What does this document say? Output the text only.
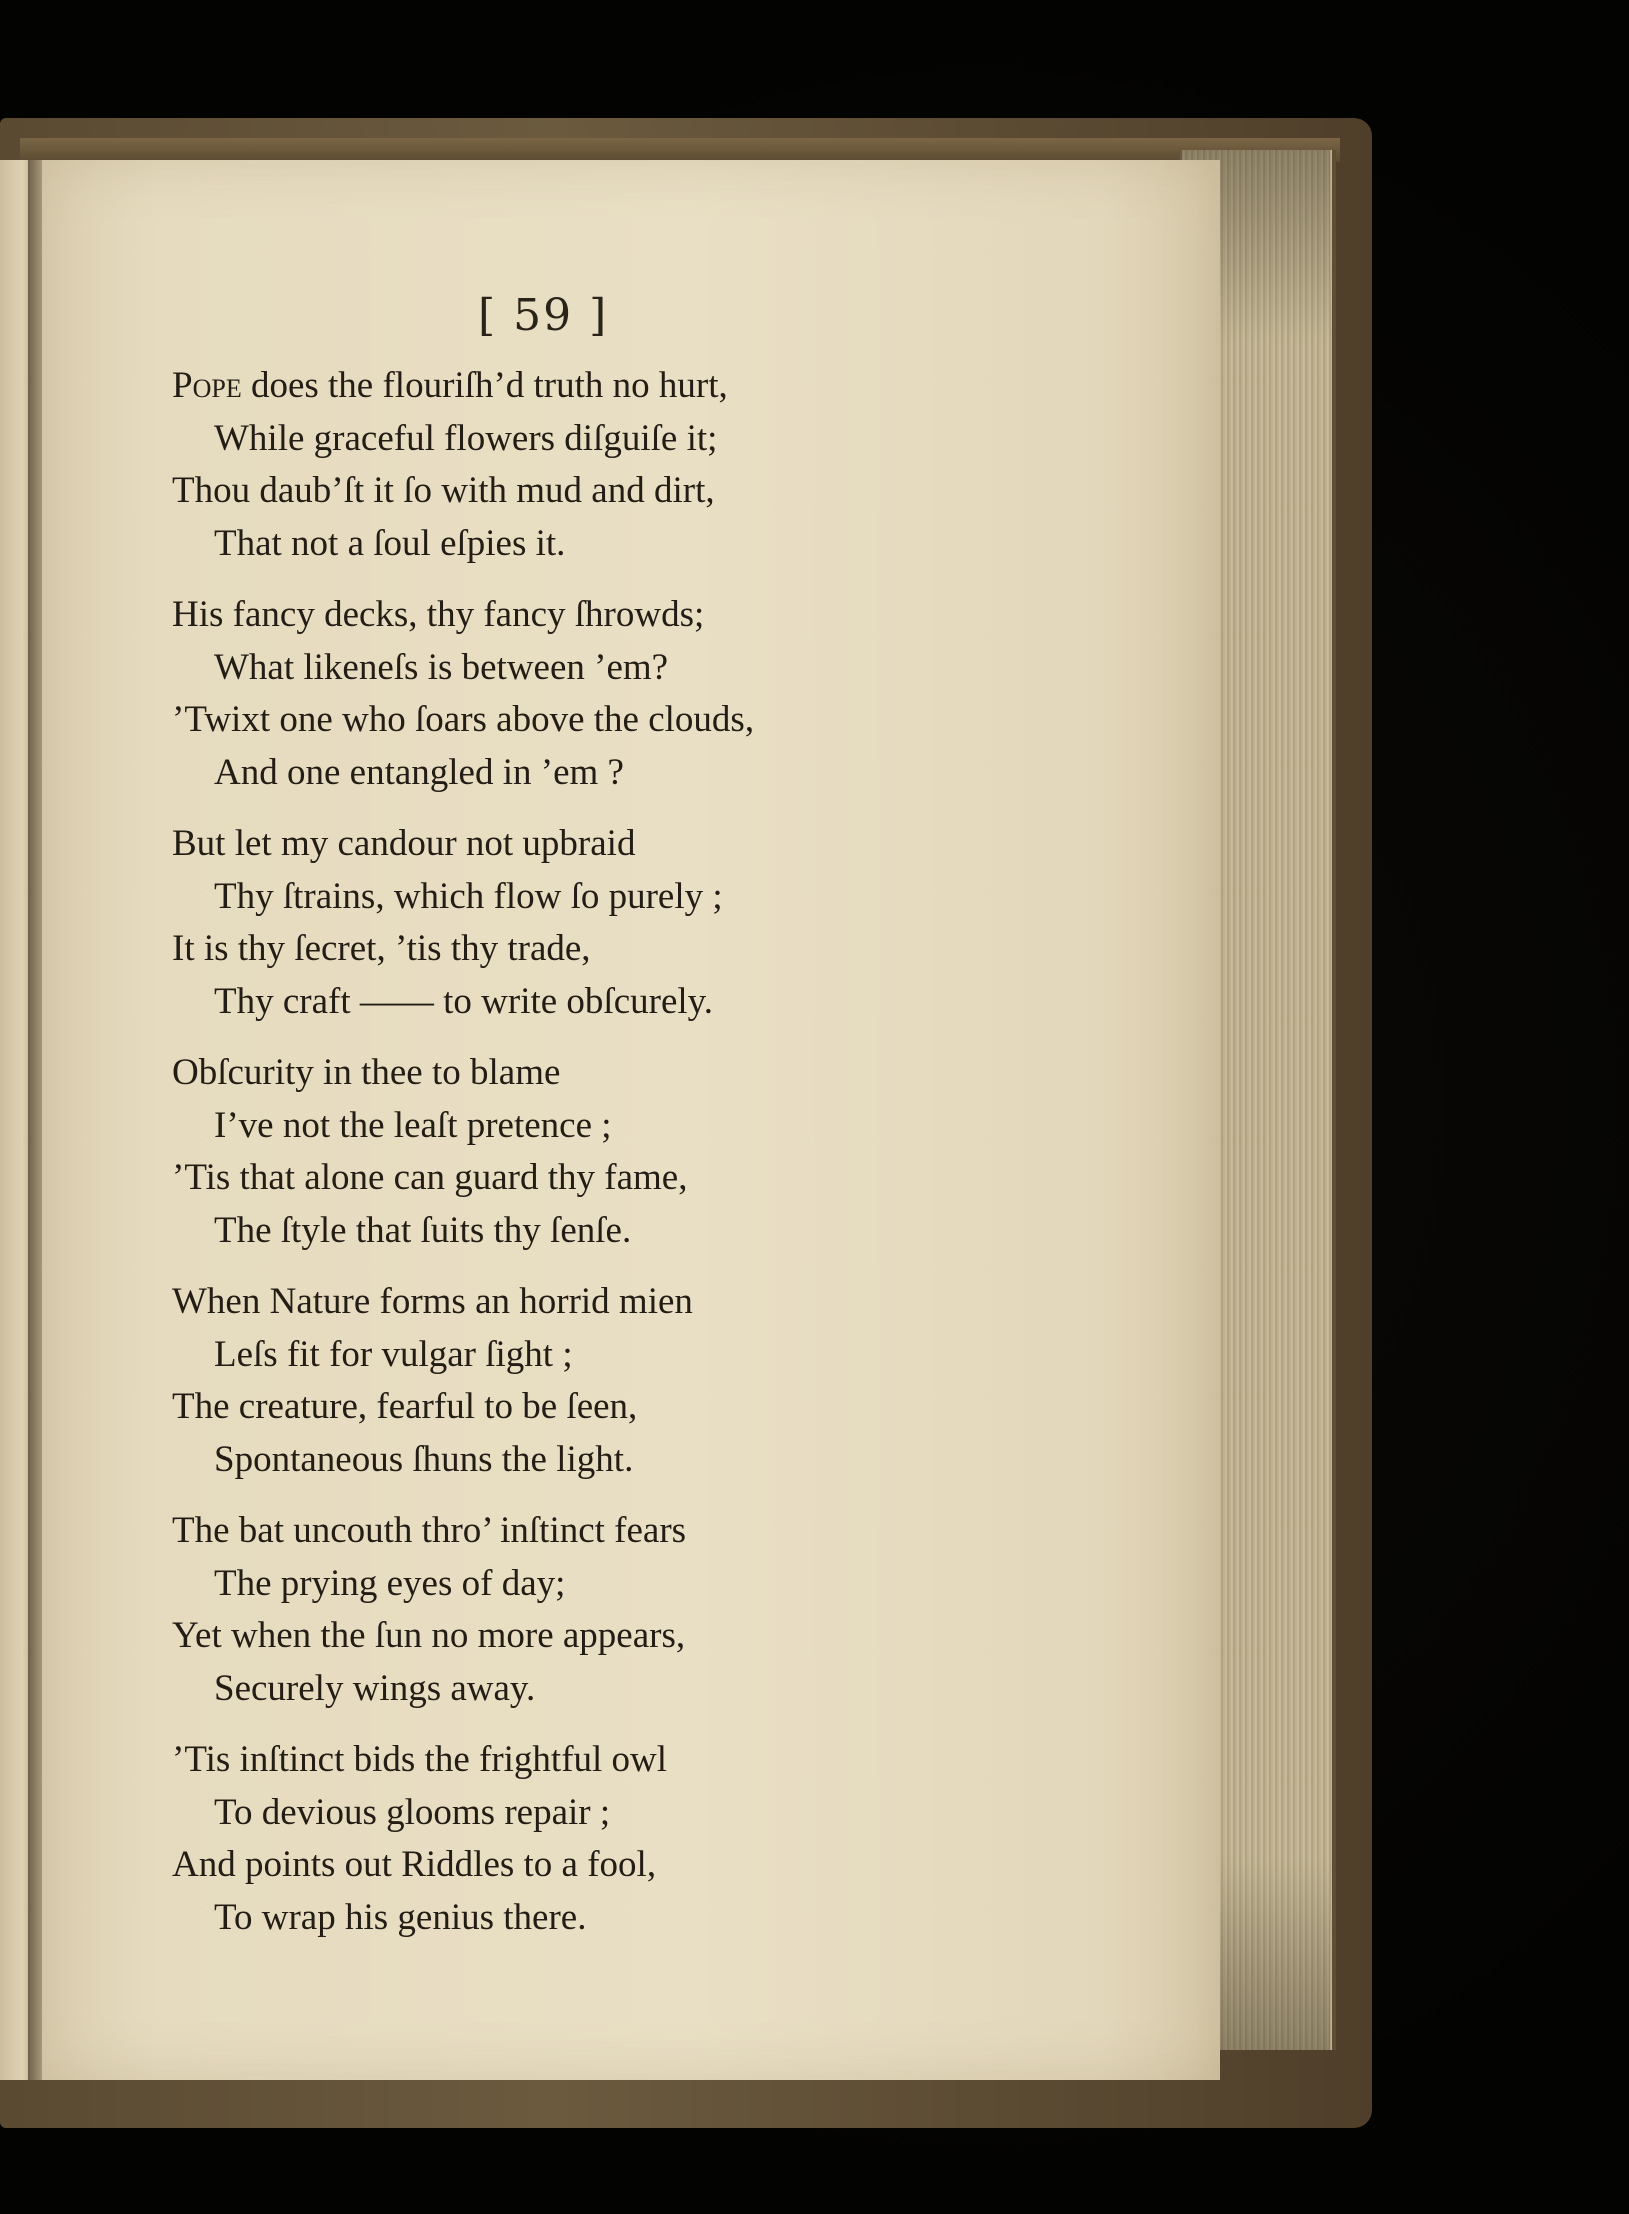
[ 59 ]

Pope does the flouriſh’d truth no hurt,
While graceful flowers diſguiſe it;
Thou daub’ſt it ſo with mud and dirt,
That not a ſoul eſpies it.
His fancy decks, thy fancy ſhrowds;
What likeneſs is between ’em?
’Twixt one who ſoars above the clouds,
And one entangled in ’em ?
But let my candour not upbraid
Thy ſtrains, which flow ſo purely ;
It is thy ſecret, ’tis thy trade,
Thy craft —— to write obſcurely.
Obſcurity in thee to blame
I’ve not the leaſt pretence ;
’Tis that alone can guard thy fame,
The ſtyle that ſuits thy ſenſe.
When Nature forms an horrid mien
Leſs fit for vulgar ſight ;
The creature, fearful to be ſeen,
Spontaneous ſhuns the light.
The bat uncouth thro’ inſtinct fears
The prying eyes of day;
Yet when the ſun no more appears,
Securely wings away.
’Tis inſtinct bids the frightful owl
To devious glooms repair ;
And points out Riddles to a fool,
To wrap his genius there.
